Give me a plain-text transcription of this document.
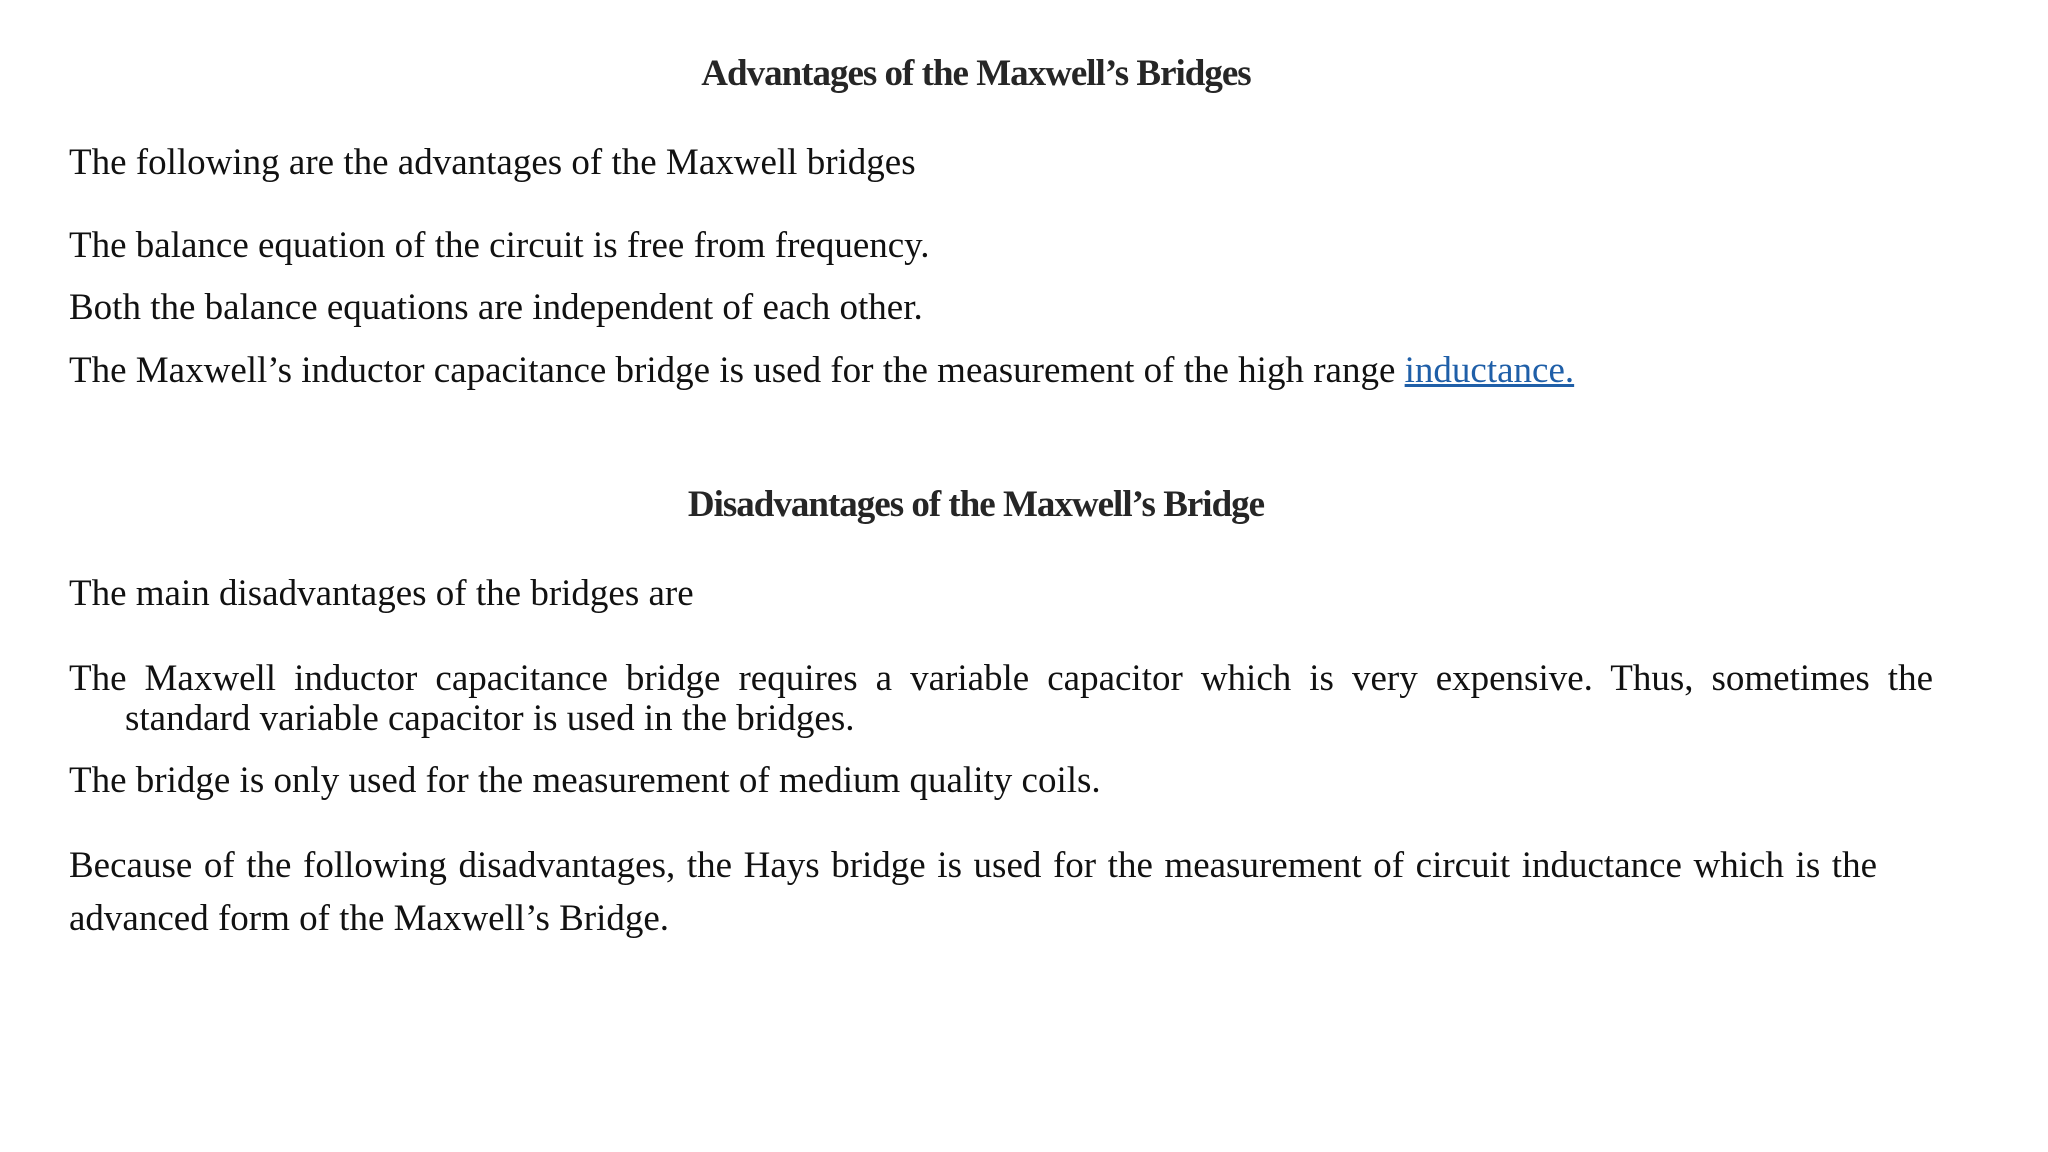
Advantages of the Maxwell’s Bridges

The following are the advantages of the Maxwell bridges

The balance equation of the circuit is free from frequency.

Both the balance equations are independent of each other.

The Maxwell’s inductor capacitance bridge is used for the measurement of the high range inductance.

Disadvantages of the Maxwell’s Bridge

The main disadvantages of the bridges are

The Maxwell inductor capacitance bridge requires a variable capacitor which is very expensive. Thus, sometimes the standard variable capacitor is used in the bridges.

The bridge is only used for the measurement of medium quality coils.

Because of the following disadvantages, the Hays bridge is used for the measurement of circuit inductance which is the advanced form of the Maxwell’s Bridge.
